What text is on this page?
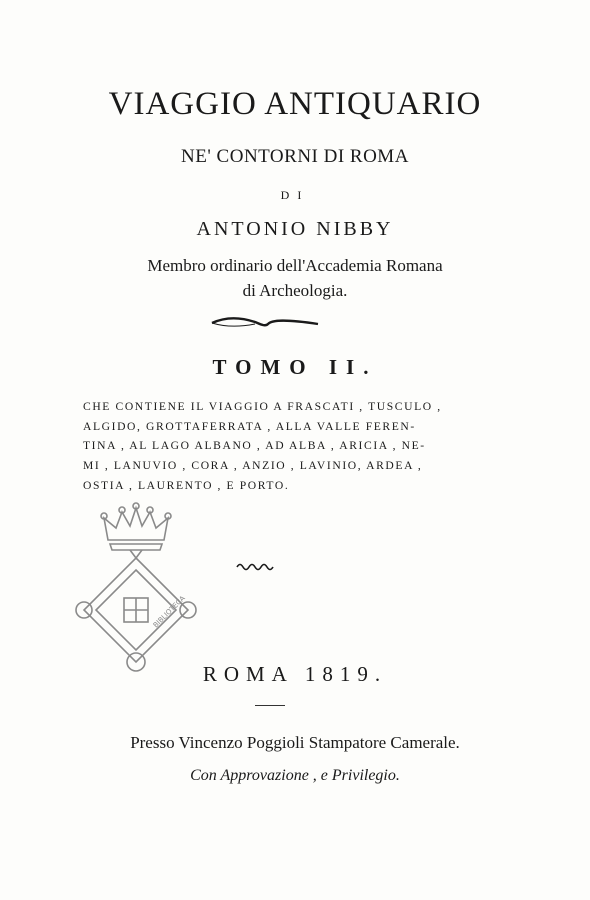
VIAGGIO ANTIQUARIO
NE' CONTORNI DI ROMA
DI
ANTONIO NIBBY
Membro ordinario dell'Accademia Romana
di Archeologia.
TOMO II.
CHE CONTIENE IL VIAGGIO A FRASCATI , TUSCULO ,
ALGIDO, GROTTAFERRATA , ALLA VALLE FEREN-
TINA , AL LAGO ALBANO , AD ALBA , ARICIA , NE-
MI , LANUVIO , CORA , ANZIO , LAVINIO, ARDEA ,
OSTIA , LAURENTO , E PORTO.
BIBLIOTECA
ROMA 1819.
Presso Vincenzo Poggioli Stampatore Camerale.
Con Approvazione , e Privilegio.
